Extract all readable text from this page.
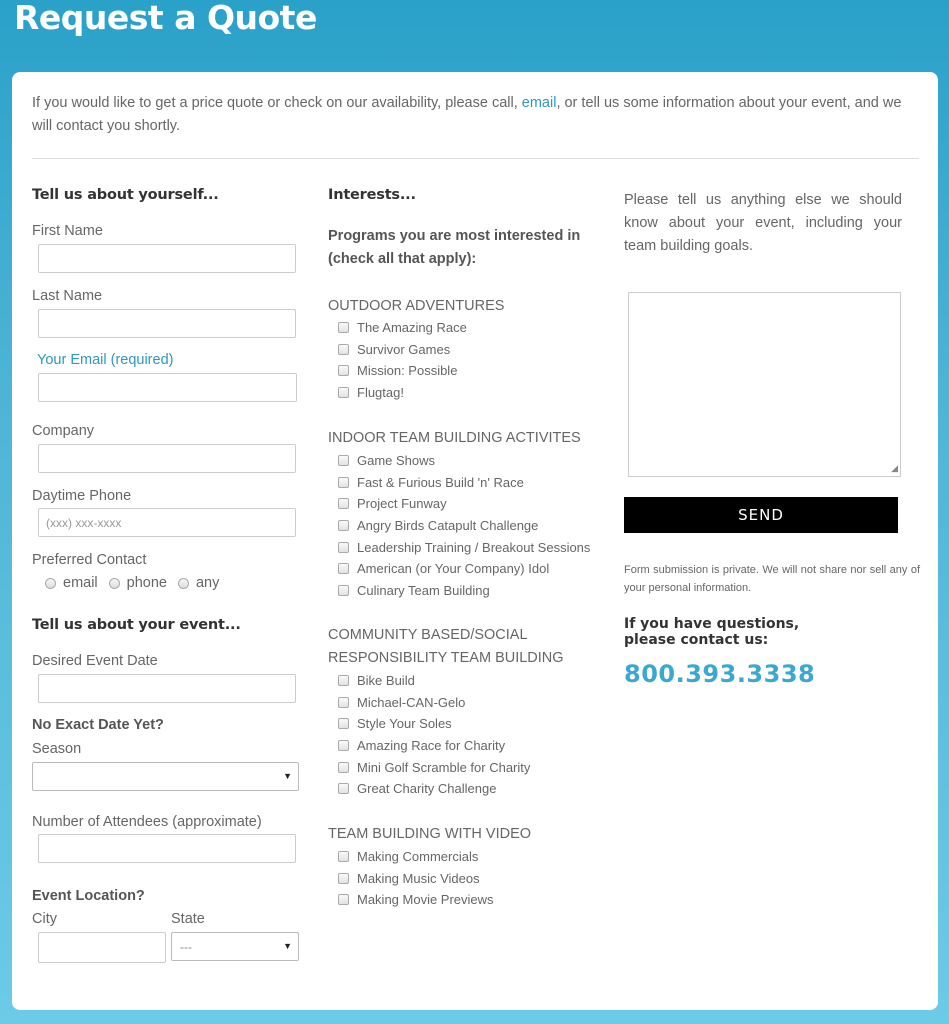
Request a Quote

If you would like to get a price quote or check on our availability, please call, email, or tell us some information about your event, and we will contact you shortly.

Tell us about yourself...
First Name
Last Name
Your Email (required)
Company
Daytime Phone
(xxx) xxx-xxxx
Preferred Contact
email phone any
Tell us about your event...
Desired Event Date
No Exact Date Yet?
Season
▼
Number of Attendees (approximate)
Event Location?
City	State
---	▼
Interests...
Programs you are most interested in (check all that apply):
OUTDOOR ADVENTURES
The Amazing Race
Survivor Games
Mission: Possible
Flugtag!
INDOOR TEAM BUILDING ACTIVITES
Game Shows
Fast & Furious Build 'n' Race
Project Funway
Angry Birds Catapult Challenge
Leadership Training / Breakout Sessions
American (or Your Company) Idol
Culinary Team Building
COMMUNITY BASED/SOCIAL RESPONSIBILITY TEAM BUILDING
Bike Build
Michael-CAN-Gelo
Style Your Soles
Amazing Race for Charity
Mini Golf Scramble for Charity
Great Charity Challenge
TEAM BUILDING WITH VIDEO
Making Commercials
Making Music Videos
Making Movie Previews
Please tell us anything else we should know about your event, including your team building goals.
◢
SEND
Form submission is private. We will not share nor sell any of your personal information.
If you have questions, please contact us:
800.393.3338
